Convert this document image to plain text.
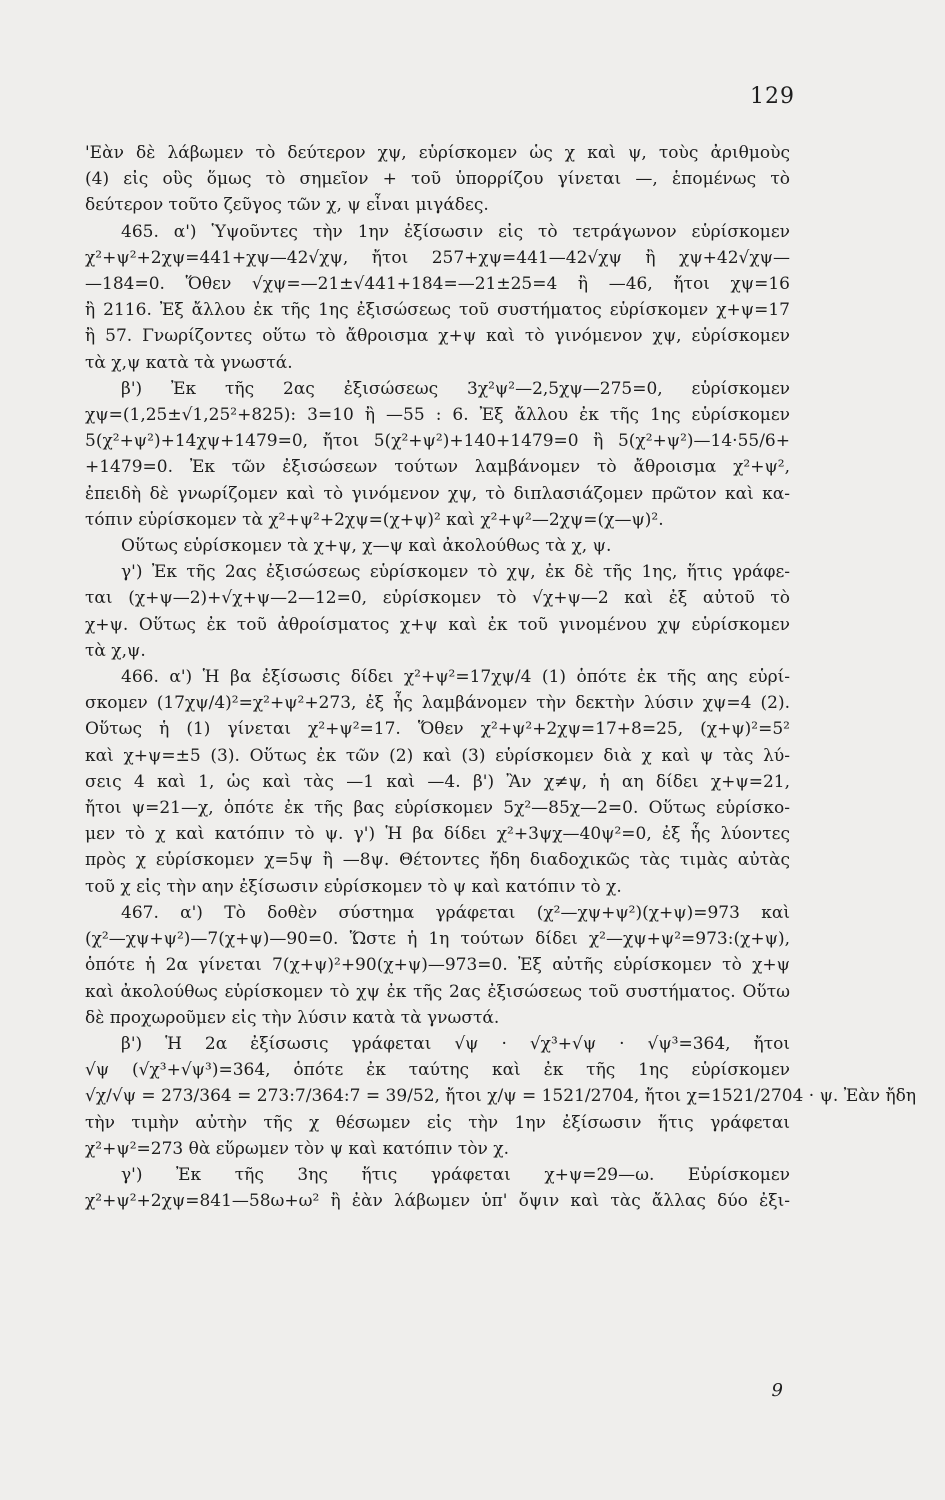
129
'Εὰν δὲ λάβωμεν τὸ δεύτερον χψ, εὑρίσκομεν ὡς χ καὶ ψ, τοὺς ἀριθμοὺς
(4) εἰς οὓς ὅμως τὸ σημεῖον + τοῦ ὑπορρίζου γίνεται —, ἑπομένως τὸ
δεύτερον τοῦτο ζεῦγος τῶν χ, ψ εἶναι μιγάδες.
465. α') Ὑψοῦντες τὴν 1ην ἐξίσωσιν εἰς τὸ τετράγωνον εὑρίσκομεν
χ²+ψ²+2χψ=441+χψ—42√χψ, ἤτοι 257+χψ=441—42√χψ ἢ χψ+42√χψ—
—184=0. Ὅθεν √χψ=—21±√441+184=—21±25=4 ἢ —46, ἤτοι χψ=16
ἢ 2116. Ἐξ ἄλλου ἐκ τῆς 1ης ἐξισώσεως τοῦ συστήματος εὑρίσκομεν χ+ψ=17
ἢ 57. Γνωρίζοντες οὕτω τὸ ἄθροισμα χ+ψ καὶ τὸ γινόμενον χψ, εὑρίσκομεν
τὰ χ,ψ κατὰ τὰ γνωστά.
β') Ἐκ τῆς 2ας ἐξισώσεως 3χ²ψ²—2,5χψ—275=0, εὑρίσκομεν
χψ=(1,25±√1,25²+825): 3=10 ἢ —55 : 6. Ἐξ ἄλλου ἐκ τῆς 1ης εὑρίσκομεν
5(χ²+ψ²)+14χψ+1479=0, ἤτοι 5(χ²+ψ²)+140+1479=0 ἢ 5(χ²+ψ²)—14·55/6+
+1479=0. Ἐκ τῶν ἐξισώσεων τούτων λαμβάνομεν τὸ ἄθροισμα χ²+ψ²,
ἐπειδὴ δὲ γνωρίζομεν καὶ τὸ γινόμενον χψ, τὸ διπλασιάζομεν πρῶτον καὶ κα-
τόπιν εὑρίσκομεν τὰ χ²+ψ²+2χψ=(χ+ψ)² καὶ χ²+ψ²—2χψ=(χ—ψ)².
Οὕτως εὑρίσκομεν τὰ χ+ψ, χ—ψ καὶ ἀκολούθως τὰ χ, ψ.
γ') Ἐκ τῆς 2ας ἐξισώσεως εὑρίσκομεν τὸ χψ, ἐκ δὲ τῆς 1ης, ἥτις γράφε-
ται (χ+ψ—2)+√χ+ψ—2—12=0, εὑρίσκομεν τὸ √χ+ψ—2 καὶ ἐξ αὐτοῦ τὸ
χ+ψ. Οὕτως ἐκ τοῦ ἀθροίσματος χ+ψ καὶ ἐκ τοῦ γινομένου χψ εὑρίσκομεν
τὰ χ,ψ.
466. α') Ἡ βα ἐξίσωσις δίδει χ²+ψ²=17χψ/4 (1) ὁπότε ἐκ τῆς αης εὑρί-
σκομεν (17χψ/4)²=χ²+ψ²+273, ἐξ ἧς λαμβάνομεν τὴν δεκτὴν λύσιν χψ=4 (2).
Οὕτως ἡ (1) γίνεται χ²+ψ²=17. Ὅθεν χ²+ψ²+2χψ=17+8=25, (χ+ψ)²=5²
καὶ χ+ψ=±5 (3). Οὕτως ἐκ τῶν (2) καὶ (3) εὑρίσκομεν διὰ χ καὶ ψ τὰς λύ-
σεις 4 καὶ 1, ὡς καὶ τὰς —1 καὶ —4. β') Ἂν χ≠ψ, ἡ αη δίδει χ+ψ=21,
ἤτοι ψ=21—χ, ὁπότε ἐκ τῆς βας εὑρίσκομεν 5χ²—85χ—2=0. Οὕτως εὑρίσκο-
μεν τὸ χ καὶ κατόπιν τὸ ψ. γ') Ἡ βα δίδει χ²+3ψχ—40ψ²=0, ἐξ ἧς λύοντες
πρὸς χ εὑρίσκομεν χ=5ψ ἢ —8ψ. Θέτοντες ἤδη διαδοχικῶς τὰς τιμὰς αὐτὰς
τοῦ χ εἰς τὴν αην ἐξίσωσιν εὑρίσκομεν τὸ ψ καὶ κατόπιν τὸ χ.
467. α') Τὸ δοθὲν σύστημα γράφεται (χ²—χψ+ψ²)(χ+ψ)=973 καὶ
(χ²—χψ+ψ²)—7(χ+ψ)—90=0. Ὥστε ἡ 1η τούτων δίδει χ²—χψ+ψ²=973:(χ+ψ),
ὁπότε ἡ 2α γίνεται 7(χ+ψ)²+90(χ+ψ)—973=0. Ἐξ αὐτῆς εὑρίσκομεν τὸ χ+ψ
καὶ ἀκολούθως εὑρίσκομεν τὸ χψ ἐκ τῆς 2ας ἐξισώσεως τοῦ συστήματος. Οὕτω
δὲ προχωροῦμεν εἰς τὴν λύσιν κατὰ τὰ γνωστά.
β') Ἡ 2α ἐξίσωσις γράφεται √ψ · √χ³+√ψ · √ψ³=364, ἤτοι
√ψ (√χ³+√ψ³)=364, ὁπότε ἐκ ταύτης καὶ ἐκ τῆς 1ης εὑρίσκομεν
√χ/√ψ = 273/364 = 273:7/364:7 = 39/52, ἤτοι χ/ψ = 1521/2704, ἤτοι χ=1521/2704 · ψ. Ἐὰν ἤδη
τὴν τιμὴν αὐτὴν τῆς χ θέσωμεν εἰς τὴν 1ην ἐξίσωσιν ἥτις γράφεται
χ²+ψ²=273 θὰ εὕρωμεν τὸν ψ καὶ κατόπιν τὸν χ.
γ') Ἐκ τῆς 3ης ἥτις γράφεται χ+ψ=29—ω. Εὑρίσκομεν
χ²+ψ²+2χψ=841—58ω+ω² ἢ ἐὰν λάβωμεν ὑπ' ὄψιν καὶ τὰς ἄλλας δύο ἐξι-
9
